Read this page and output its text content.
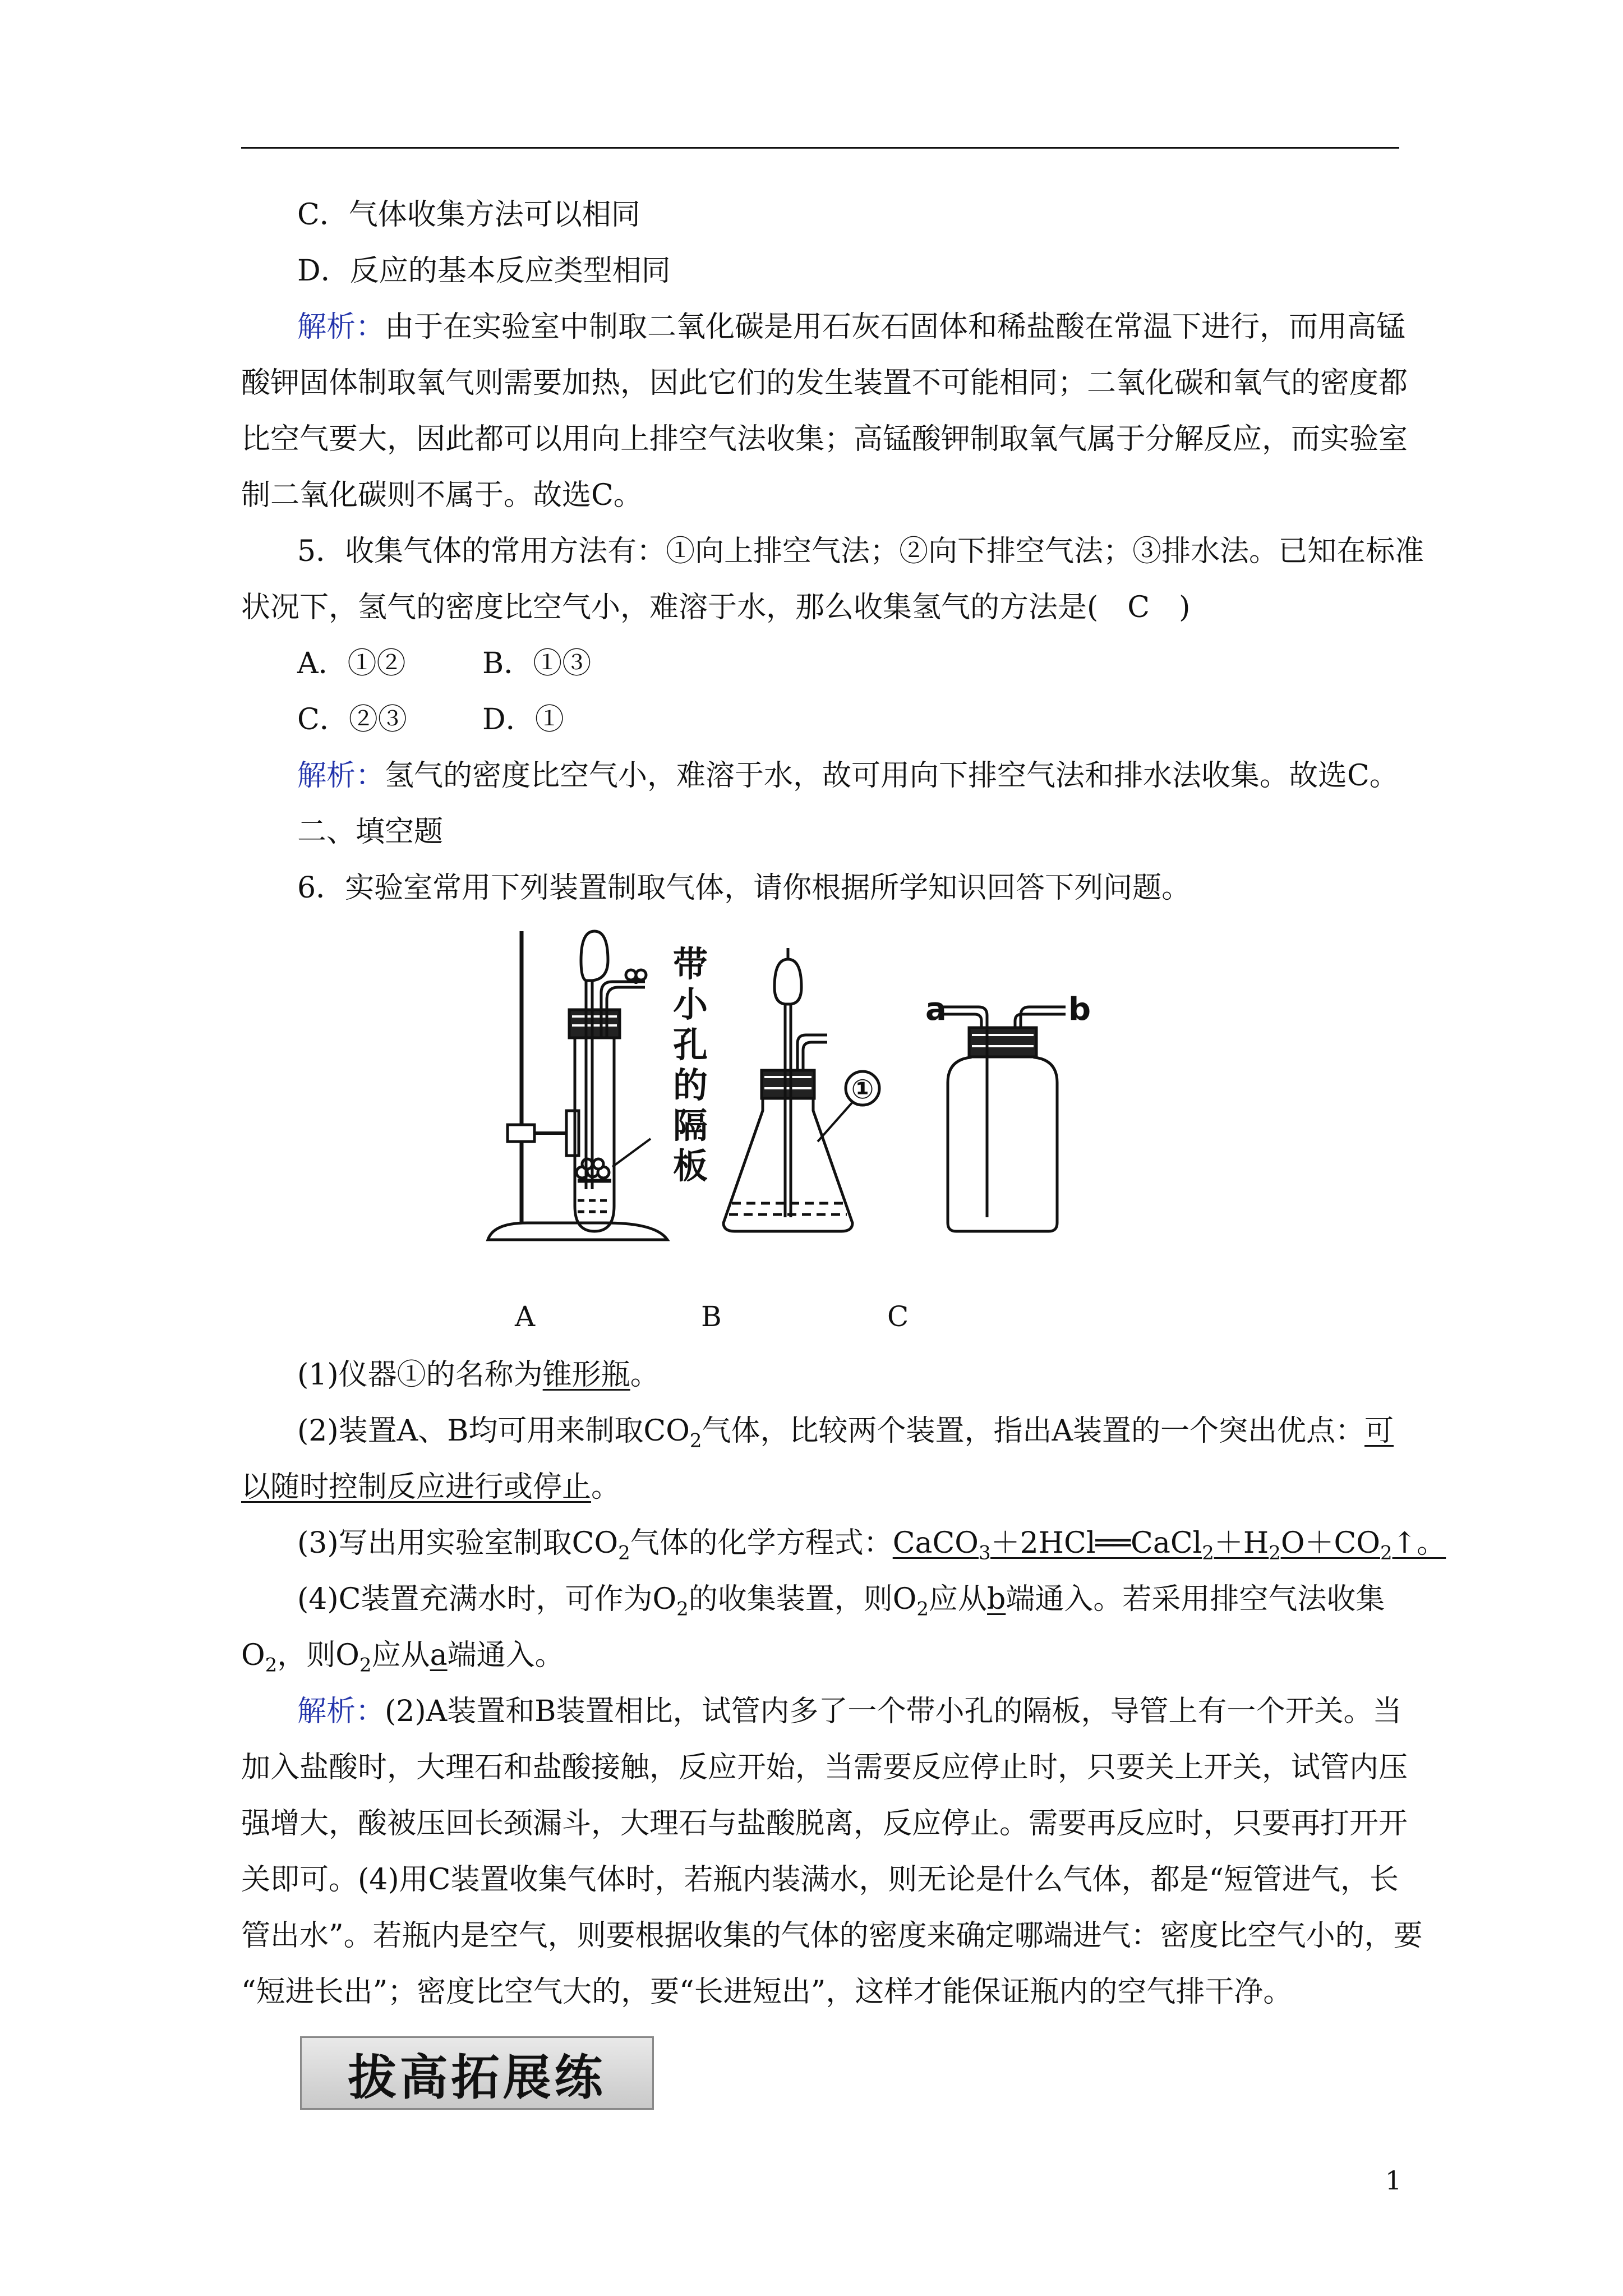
C．气体收集方法可以相同
D．反应的基本反应类型相同
解析：由于在实验室中制取二氧化碳是用石灰石固体和稀盐酸在常温下进行，而用高锰
酸钾固体制取氧气则需要加热，因此它们的发生装置不可能相同；二氧化碳和氧气的密度都
比空气要大，因此都可以用向上排空气法收集；高锰酸钾制取氧气属于分解反应，而实验室
制二氧化碳则不属于。故选C。
5．收集气体的常用方法有：①向上排空气法；②向下排空气法；③排水法。已知在标准
状况下，氢气的密度比空气小，难溶于水，那么收集氢气的方法是(　C　)
A．①②	B．①③
C．②③	D．①
解析：氢气的密度比空气小，难溶于水，故可用向下排空气法和排水法收集。故选C。
二、填空题
6．实验室常用下列装置制取气体，请你根据所学知识回答下列问题。
带小孔的隔板
①
a	b
A	B	C
(1)仪器①的名称为锥形瓶。
(2)装置A、B均可用来制取$CO_2$气体，比较两个装置，指出A装置的一个突出优点：可
以随时控制反应进行或停止。
(3)写出用实验室制取$CO_2$气体的化学方程式：$CaCO_3+2HCl══CaCl_2+H_2O+CO_2↑$。
(4)C装置充满水时，可作为$O_2$的收集装置，则$O_2$应从b端通入。若采用排空气法收集
$O_2$，则$O_2$应从a端通入。
解析：(2)A装置和B装置相比，试管内多了一个带小孔的隔板，导管上有一个开关。当
加入盐酸时，大理石和盐酸接触，反应开始，当需要反应停止时，只要关上开关，试管内压
强增大，酸被压回长颈漏斗，大理石与盐酸脱离，反应停止。需要再反应时，只要再打开开
关即可。(4)用C装置收集气体时，若瓶内装满水，则无论是什么气体，都是“短管进气，长
管出水”。若瓶内是空气，则要根据收集的气体的密度来确定哪端进气：密度比空气小的，要
“短进长出”；密度比空气大的，要“长进短出”，这样才能保证瓶内的空气排干净。
拔高拓展练
1
